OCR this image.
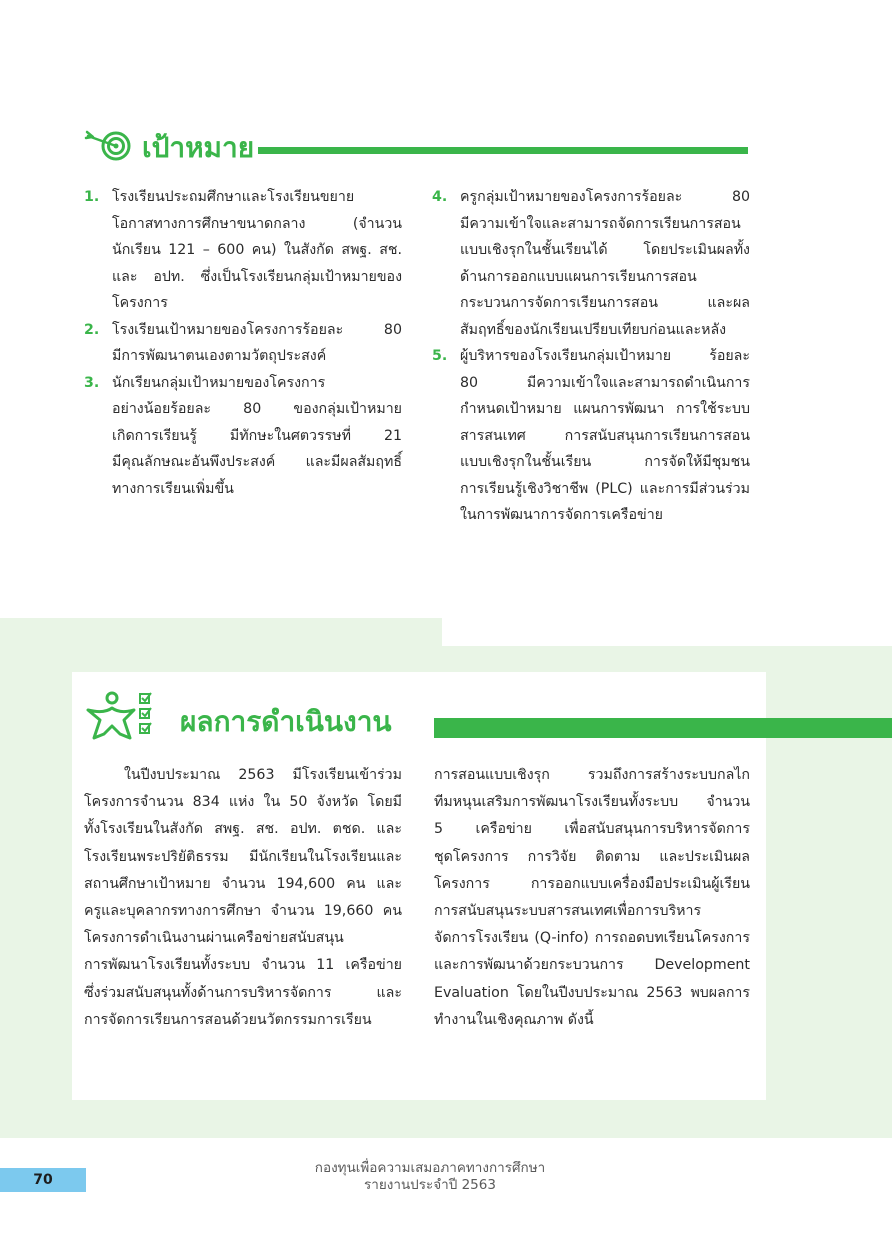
เป้าหมาย
1. โรงเรียนประถมศึกษาและโรงเรียนขยาย
โอกาสทางการศึกษาขนาดกลาง (จำนวน
นักเรียน 121 – 600 คน) ในสังกัด สพฐ. สช.
และ อปท. ซึ่งเป็นโรงเรียนกลุ่มเป้าหมายของ
โครงการ
2. โรงเรียนเป้าหมายของโครงการร้อยละ 80
มีการพัฒนาตนเองตามวัตถุประสงค์
3. นักเรียนกลุ่มเป้าหมายของโครงการ
อย่างน้อยร้อยละ 80 ของกลุ่มเป้าหมาย
เกิดการเรียนรู้ มีทักษะในศตวรรษที่ 21
มีคุณลักษณะอันพึงประสงค์ และมีผลสัมฤทธิ์
ทางการเรียนเพิ่มขึ้น
4. ครูกลุ่มเป้าหมายของโครงการร้อยละ 80
มีความเข้าใจและสามารถจัดการเรียนการสอน
แบบเชิงรุกในชั้นเรียนได้ โดยประเมินผลทั้ง
ด้านการออกแบบแผนการเรียนการสอน
กระบวนการจัดการเรียนการสอน และผล
สัมฤทธิ์ของนักเรียนเปรียบเทียบก่อนและหลัง
5. ผู้บริหารของโรงเรียนกลุ่มเป้าหมาย ร้อยละ
80 มีความเข้าใจและสามารถดำเนินการ
กำหนดเป้าหมาย แผนการพัฒนา การใช้ระบบ
สารสนเทศ การสนับสนุนการเรียนการสอน
แบบเชิงรุกในชั้นเรียน การจัดให้มีชุมชน
การเรียนรู้เชิงวิชาชีพ (PLC) และการมีส่วนร่วม
ในการพัฒนาการจัดการเครือข่าย
ผลการดำเนินงาน
ในปีงบประมาณ 2563 มีโรงเรียนเข้าร่วม
โครงการจำนวน 834 แห่ง ใน 50 จังหวัด โดยมี
ทั้งโรงเรียนในสังกัด สพฐ. สช. อปท. ตชด. และ
โรงเรียนพระปริยัติธรรม มีนักเรียนในโรงเรียนและ
สถานศึกษาเป้าหมาย จำนวน 194,600 คน และ
ครูและบุคลากรทางการศึกษา จำนวน 19,660 คน
โครงการดำเนินงานผ่านเครือข่ายสนับสนุน
การพัฒนาโรงเรียนทั้งระบบ จำนวน 11 เครือข่าย
ซึ่งร่วมสนับสนุนทั้งด้านการบริหารจัดการ และ
การจัดการเรียนการสอนด้วยนวัตกรรมการเรียน
การสอนแบบเชิงรุก รวมถึงการสร้างระบบกลไก
ทีมหนุนเสริมการพัฒนาโรงเรียนทั้งระบบ จำนวน
5 เครือข่าย เพื่อสนับสนุนการบริหารจัดการ
ชุดโครงการ การวิจัย ติดตาม และประเมินผล
โครงการ การออกแบบเครื่องมือประเมินผู้เรียน
การสนับสนุนระบบสารสนเทศเพื่อการบริหาร
จัดการโรงเรียน (Q-info) การถอดบทเรียนโครงการ
และการพัฒนาด้วยกระบวนการ Development
Evaluation โดยในปีงบประมาณ 2563 พบผลการ
ทำงานในเชิงคุณภาพ ดังนี้
70
กองทุนเพื่อความเสมอภาคทางการศึกษา
รายงานประจำปี 2563
